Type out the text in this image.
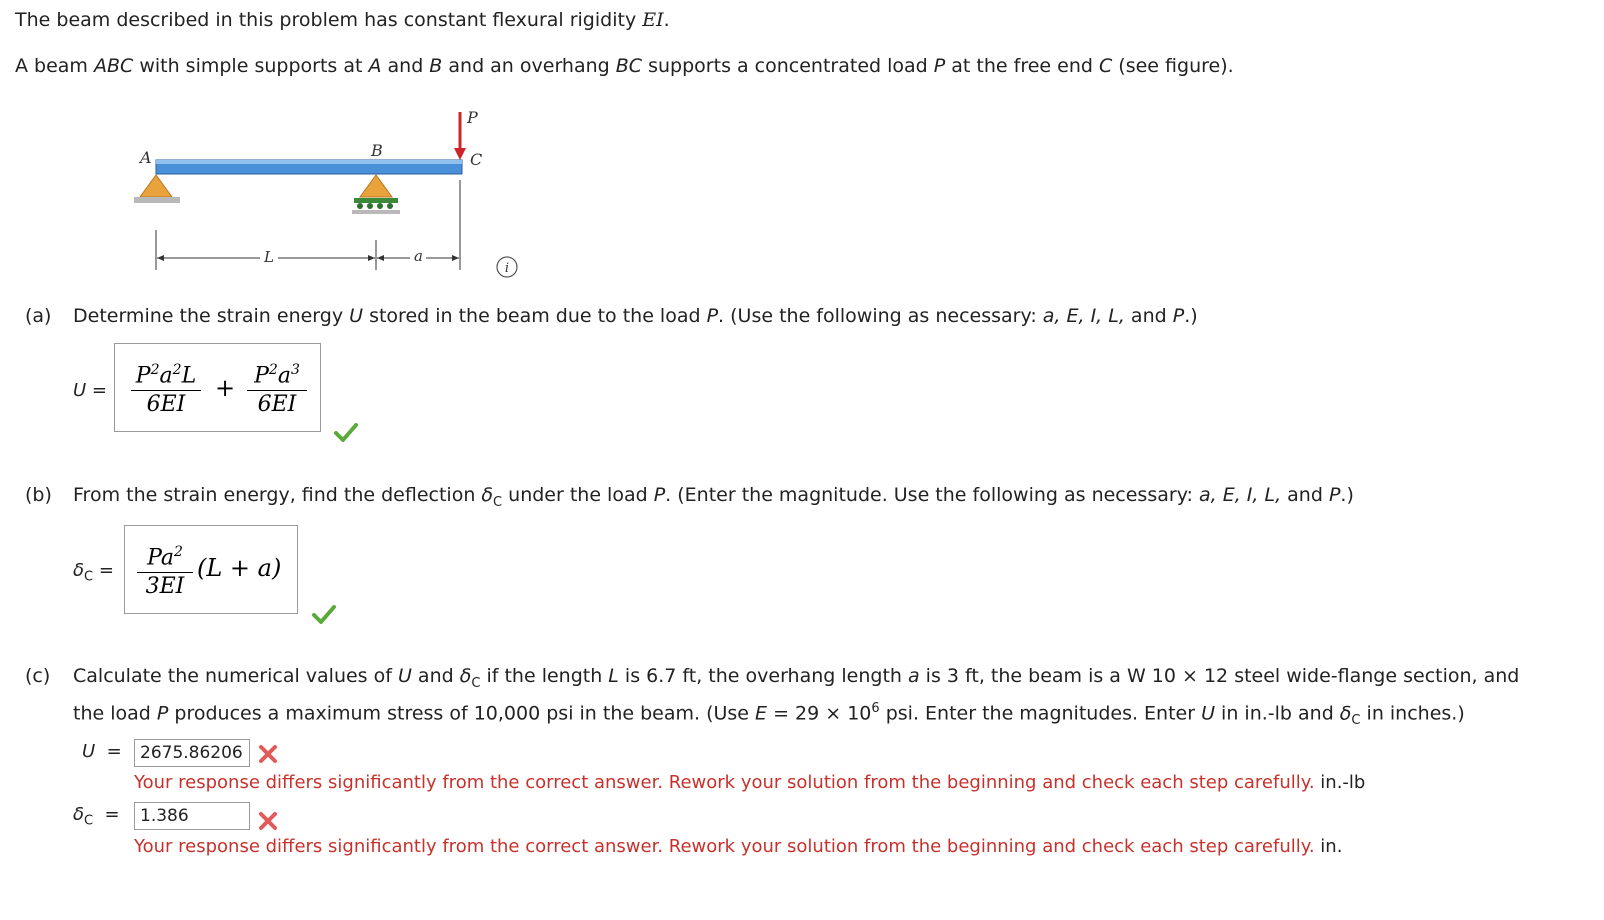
The beam described in this problem has constant flexural rigidity EI.
A beam ABC with simple supports at A and B and an overhang BC supports a concentrated load P at the free end C (see figure).
A	B	C
P
L	a
i
(a) Determine the strain energy U stored in the beam due to the load P. (Use the following as necessary: a, E, I, L, and P.)
$U = \frac{P^2a^2L}{6EI} + \frac{P^2a^3}{6EI}$
(b) From the strain energy, find the deflection $\delta_C$ under the load P. (Enter the magnitude. Use the following as necessary: a, E, I, L, and P.)
$\delta_C = \frac{Pa^2}{3EI} (L + a)$
(c) Calculate the numerical values of U and $\delta_C$ if the length L is 6.7 ft, the overhang length a is 3 ft, the beam is a W 10 × 12 steel wide-flange section, and
the load P produces a maximum stress of 10,000 psi in the beam. (Use $E = 29 \times 10^6$ psi. Enter the magnitudes. Enter U in in.-lb and $\delta_C$ in inches.)
U =	2675.86206
Your response differs significantly from the correct answer. Rework your solution from the beginning and check each step carefully. in.-lb
$\delta_C$ =	1.386
Your response differs significantly from the correct answer. Rework your solution from the beginning and check each step carefully. in.
